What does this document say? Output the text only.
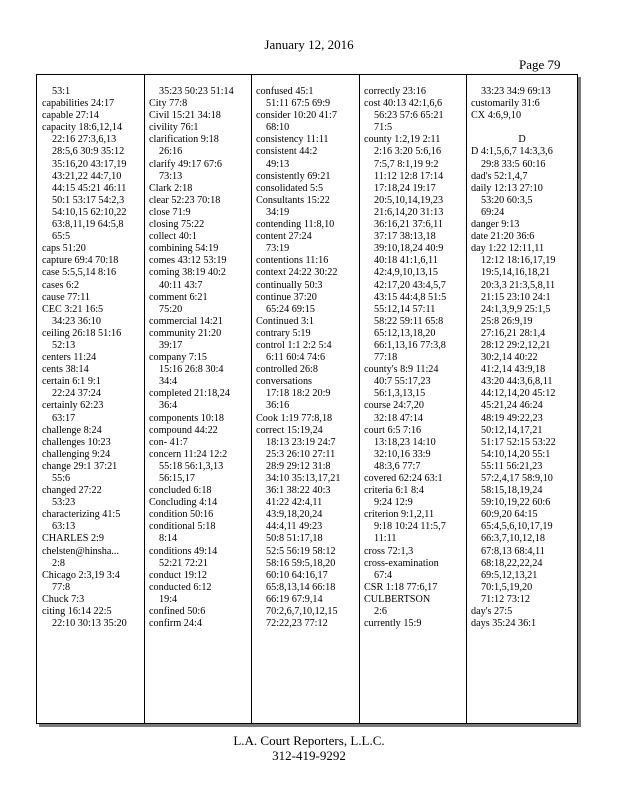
January 12, 2016
Page 79
53:1
capabilities 24:17
capable 27:14
capacity 18:6,12,14
22:16 27:3,6,13
28:5,6 30:9 35:12
35:16,20 43:17,19
43:21,22 44:7,10
44:15 45:21 46:11
50:1 53:17 54:2,3
54:10,15 62:10,22
63:8,11,19 64:5,8
65:5
caps 51:20
capture 69:4 70:18
case 5:5,5,14 8:16
cases 6:2
cause 77:11
CEC 3:21 16:5
34:23 36:10
ceiling 26:18 51:16
52:13
centers 11:24
cents 38:14
certain 6:1 9:1
22:24 37:24
certainly 62:23
63:17
challenge 8:24
challenges 10:23
challenging 9:24
change 29:1 37:21
55:6
changed 27:22
53:23
characterizing 41:5
63:13
CHARLES 2:9
chelsten@hinsha...
2:8
Chicago 2:3,19 3:4
77:8
Chuck 7:3
citing 16:14 22:5
22:10 30:13 35:20
35:23 50:23 51:14
City 77:8
Civil 15:21 34:18
civility 76:1
clarification 9:18
26:16
clarify 49:17 67:6
73:13
Clark 2:18
clear 52:23 70:18
close 71:9
closing 75:22
collect 40:1
combining 54:19
comes 43:12 53:19
coming 38:19 40:2
40:11 43:7
comment 6:21
75:20
commercial 14:21
community 21:20
39:17
company 7:15
15:16 26:8 30:4
34:4
completed 21:18,24
36:4
components 10:18
compound 44:22
con- 41:7
concern 11:24 12:2
55:18 56:1,3,13
56:15,17
concluded 6:18
Concluding 4:14
condition 50:16
conditional 5:18
8:14
conditions 49:14
52:21 72:21
conduct 19:12
conducted 6:12
19:4
confined 50:6
confirm 24:4
confused 45:1
51:11 67:5 69:9
consider 10:20 41:7
68:10
consistency 11:11
consistent 44:2
49:13
consistently 69:21
consolidated 5:5
Consultants 15:22
34:19
contending 11:8,10
content 27:24
73:19
contentions 11:16
context 24:22 30:22
continually 50:3
continue 37:20
65:24 69:15
Continued 3:1
contrary 5:19
control 1:1 2:2 5:4
6:11 60:4 74:6
controlled 26:8
conversations
17:18 18:2 20:9
36:16
Cook 1:19 77:8,18
correct 15:19,24
18:13 23:19 24:7
25:3 26:10 27:11
28:9 29:12 31:8
34:10 35:13,17,21
36:1 38:22 40:3
41:22 42:4,11
43:9,18,20,24
44:4,11 49:23
50:8 51:17,18
52:5 56:19 58:12
58:16 59:5,18,20
60:10 64:16,17
65:8,13,14 66:18
66:19 67:9,14
70:2,6,7,10,12,15
72:22,23 77:12
correctly 23:16
cost 40:13 42:1,6,6
56:23 57:6 65:21
71:5
county 1:2,19 2:11
2:16 3:20 5:6,16
7:5,7 8:1,19 9:2
11:12 12:8 17:14
17:18,24 19:17
20:5,10,14,19,23
21:6,14,20 31:13
36:16,21 37:6,11
37:17 38:13,18
39:10,18,24 40:9
40:18 41:1,6,11
42:4,9,10,13,15
42:17,20 43:4,5,7
43:15 44:4,8 51:5
55:12,14 57:11
58:22 59:11 65:8
65:12,13,18,20
66:1,13,16 77:3,8
77:18
county's 8:9 11:24
40:7 55:17,23
56:1,3,13,15
course 24:7,20
32:18 47:14
court 6:5 7:16
13:18,23 14:10
32:10,16 33:9
48:3,6 77:7
covered 62:24 63:1
criteria 6:1 8:4
9:24 12:9
criterion 9:1,2,11
9:18 10:24 11:5,7
11:11
cross 72:1,3
cross-examination
67:4
CSR 1:18 77:6,17
CULBERTSON
2:6
currently 15:9
33:23 34:9 69:13
customarily 31:6
CX 4:6,9,10
D
D 4:1,5,6,7 14:3,3,6
29:8 33:5 60:16
dad's 52:1,4,7
daily 12:13 27:10
53:20 60:3,5
69:24
danger 9:13
date 21:20 36:6
day 1:22 12:11,11
12:12 18:16,17,19
19:5,14,16,18,21
20:3,3 21:3,5,8,11
21:15 23:10 24:1
24:1,3,9,9 25:1,5
25:8 26:9,19
27:16,21 28:1,4
28:12 29:2,12,21
30:2,14 40:22
41:2,14 43:9,18
43:20 44:3,6,8,11
44:12,14,20 45:12
45:21,24 46:24
48:19 49:22,23
50:12,14,17,21
51:17 52:15 53:22
54:10,14,20 55:1
55:11 56:21,23
57:2,4,17 58:9,10
58:15,18,19,24
59:10,19,22 60:6
60:9,20 64:15
65:4,5,6,10,17,19
66:3,7,10,12,18
67:8,13 68:4,11
68:18,22,22,24
69:5,12,13,21
70:1,5,19,20
71:12 73:12
day's 27:5
days 35:24 36:1
L.A. Court Reporters, L.L.C.
312-419-9292
